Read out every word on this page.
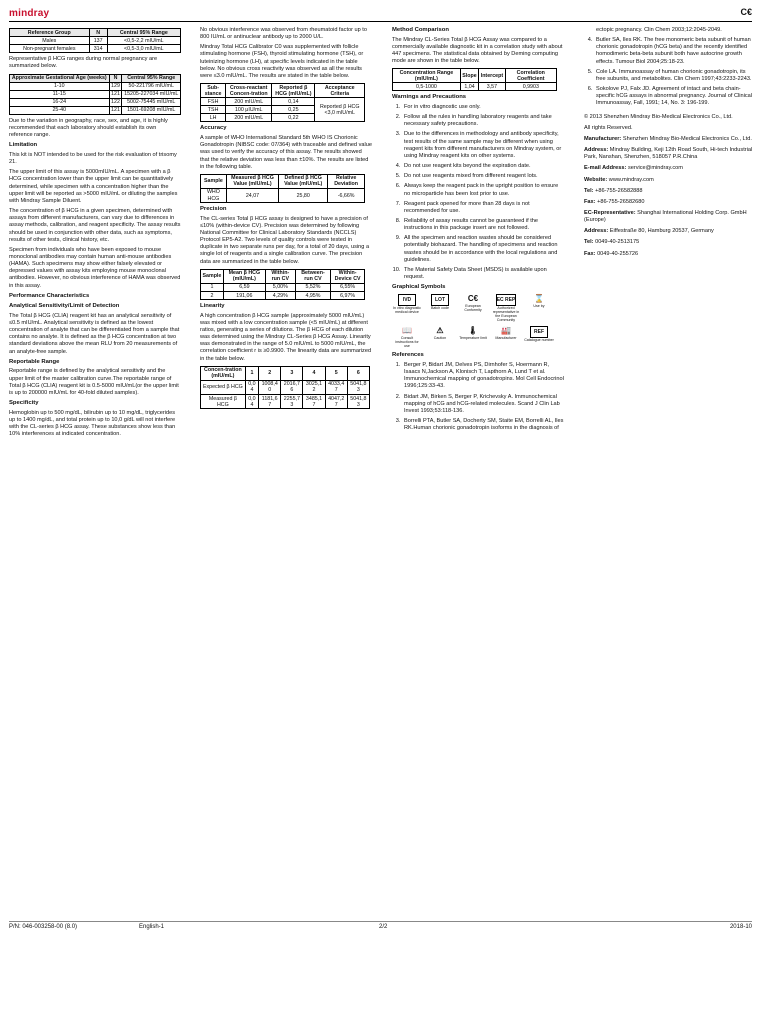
mindray	C€
Reference Group	N	Central 95% Range
Males	137	<0,5-2,2 mIU/mL
Non-pregnant females	314	<0,5-3,0 mIU/mL

Representative β HCG ranges during normal pregnancy are summarized below.

Approximate Gestational Age (weeks)	N	Central 95% Range
1-10	129	50-221796 mIU/mL
11-15	121	15205-227034 mIU/mL
16-24	122	5002-75445 mIU/mL
25-40	121	1501-69208 mIU/mL

Due to the variation in geography, race, sex, and age, it is highly recommended that each laboratory should establish its own reference range.

Limitation

This kit is NOT intended to be used for the risk evaluation of trisomy 21.

The upper limit of this assay is 5000mIU/mL. A specimen with a β HCG concentration lower than the upper limit can be quantitatively determined, while specimen with a concentration higher than the upper limit will be reported as >5000 mIU/mL or diluting the samples with Mindray Sample Diluent.

The concentration of β HCG in a given specimen, determined with assays from different manufacturers, can vary due to differences in assay methods, calibration, and reagent specificity. The assay results should be used in conjunction with other data, such as symptoms, results of other tests, clinical history, etc.

Specimen from individuals who have been exposed to mouse monoclonal antibodies may contain human anti-mouse antibodies (HAMA). Such specimens may show either falsely elevated or depressed values with assay kits employing mouse monoclonal antibodies. However, no obvious interference of HAMA was observed in this assay.

Performance Characteristics
Analytical Sensitivity/Limit of Detection

The Total β HCG (CLIA) reagent kit has an analytical sensitivity of ≤0.5 mIU/mL. Analytical sensitivity is defined as the lowest concentration of analyte that can be differentiated from a sample that contains no analyte. It is defined as the β HCG concentration at two standard deviations above the mean RLU from 20 measurements of an analyte-free sample.

Reportable Range

Reportable range is defined by the analytical sensitivity and the upper limit of the master calibration curve.The reportable range of Total β HCG (CLIA) reagent kit is 0.5-5000 mIU/mL(or the upper limit is up to 200000 mIU/mL for 40-fold diluted samples).

Specificity

Hemoglobin up to 500 mg/dL, bilirubin up to 10 mg/dL, triglycerides up to 1400 mg/dL, and total protein up to 10,0 g/dL will not interfere with the CL-series β HCG assay. These substances show less than 10% interferences at indicated concentration.

No obvious interference was observed from rheumatoid factor up to 800 IU/mL or antinuclear antibody up to 2000 U/L.

Mindray Total HCG Calibrator C0 was supplemented with follicle stimulating hormone (FSH), thyroid stimulating hormone (TSH), or luteinizing hormone (LH), at specific levels indicated in the table below. No obvious cross reactivity was observed as all the results were ≤3.0 mIU/mL. The results are stated in the table below.

Sub-stance	Cross-reactant Concen-tration	Reported β HCG (mIU/mL)	Acceptance Criteria
FSH	200 mIU/mL	0,14	Reported β HCG <3,0 mIU/mL
TSH	100 μIU/mL	0,25	
LH	200 mIU/mL	0,22	
Accuracy

A sample of WHO International Standard 5th WHO IS Chorionic Gonadotropin (NIBSC code: 07/364) with traceable and defined value was used to verify the accuracy of this assay. The results showed that the relative deviation was less than ±10%. The results are listed in the following table.

Sample	Measured β HCG Value (mIU/mL)	Defined β HCG Value (mIU/mL)	Relative Deviation
WHO HCG	24,07	25,80	-6,66%
Precision

The CL-series Total β HCG assay is designed to have a precision of ≤10% (within-device CV). Precision was determined by following National Committee for Clinical Laboratory Standards (NCCLS) Protocol EP5-A2. Two levels of quality controls were tested in duplicate in two separate runs per day, for a total of 20 days, using a single lot of reagents and a single calibration curve. The precision data are summarized in the table below.

Sample	Mean β HCG (mIU/mL)	Within-run CV	Between-run CV	Within-Device CV
1	6,59	5,00%	5,52%	6,55%
2	191,06	4,29%	4,95%	6,97%
Linearity

A high concentration β HCG sample (approximately 5000 mIU/mL) was mixed with a low concentration sample (<5 mIU/mL) at different ratios, generating a series of dilutions. The β HCG of each dilution was determined using the Mindray CL-Series β HCG Assay. Linearity was demonstrated in the range of 5.0 mIU/mL to 5000 mIU/mL, the correlation coefficient r is ≥0.9900. The linearity data are summarized in the table below.

Concen-tration (mIU/mL)	1	2	3	4	5	6
Expected β HCG	0,0 4	1008,4 0	2016,7 6	3025,1 2	4033,4 7	5041,8 3
Measured β HCG	0,0 4	1181,6 7	2255,7 3	3485,1 7	4047,2 7	5041,8 3
Method Comparison

The Mindray CL-Series Total β HCG Assay was compared to a commercially available diagnostic kit in a correlation study with about 447 specimens. The statistical data obtained by Deming computing mode are shown in the table below.

Concentration Range (mIU/mL)	Slope	Intercept	Correlation Coefficient
0,5-1000	1,04	3,57	0,9903
Warnings and Precautions
1. For in vitro diagnostic use only.
2. Follow all the rules in handling laboratory reagents and take necessary safety precautions.
3. Due to the differences in methodology and antibody specificity, test results of the same sample may be different when using reagent kits from different manufacturers on Mindray system, or using Mindray reagent kits on other systems.
4. Do not use reagent kits beyond the expiration date.
5. Do not use reagents mixed from different reagent lots.
6. Always keep the reagent pack in the upright position to ensure no microparticle has been lost prior to use.
7. Reagent pack opened for more than 28 days is not recommended for use.
8. Reliability of assay results cannot be guaranteed if the instructions in this package insert are not followed.
9. All the specimen and reaction wastes should be considered potentially biohazard. The handling of specimens and reaction wastes should be in accordance with the local regulations and guidelines.
10. The Material Safety Data Sheet (MSDS) is available upon request.
Graphical Symbols
IVD
In vitro diagnostic medical device
LOT
Batch code
C€
European Conformity
EC REP
Authorized representative in the European Community
⌛
Use by
📖
Consult instructions for use
⚠
Caution
🌡
Temperature limit
🏭
Manufacturer
REF
Catalogue number
References
1. Berger P, Bidart JM, Delves PS, Dirnhofer S, Hoermann R, Isaacs N,Jackson A, Klonisch T, Lapthorn A, Lund T et al. Immunochemical mapping of gonadotropins. Mol Cell Endocrinol 1996;125:33-43.
2. Bidart JM, Birken S, Berger P, Krichevsky A. Immunochemical mapping of hCG and hCG-related molecules. Scand J Clin Lab Invest 1993;53:118-136.
3. Borrelli PTA, Butler SA, Docherty SM, Staite EM, Borrelli AL, Iles RK.Human chorionic gonadotropin isoforms in the diagnosis of

ectopic pregnancy. Clin Chem 2003;12:2045-2049.

4. Butler SA, Iles RK. The free monomeric beta subunit of human chorionic gonadotropin (hCG beta) and the recently identified homodimeric beta-beta subunit both have autocrine growth effects. Tumour Biol 2004;25:18-23.
5. Cole LA. Immunoassay of human chorionic gonadotropin, its free subunits, and metabolites. Clin Chem 1997;43:2233-2243.
6. Sokolove PJ, Falx JD. Agreement of intact and beta chain-specific hCG assays in abnormal pregnancy. Journal of Clinical Immunoassay, Fall, 1991; 14, No. 3: 196-199.

© 2013 Shenzhen Mindray Bio-Medical Electronics Co., Ltd.

All rights Reserved.

Manufacturer: Shenzhen Mindray Bio-Medical Electronics Co., Ltd.

Address: Mindray Building, Keji 12th Road South, Hi-tech Industrial Park, Nanshan, Shenzhen, 518057 P.R.China

E-mail Address: service@mindray.com

Website: www.mindray.com

Tel: +86-755-26582888

Fax: +86-755-26582680

EC-Representative: Shanghai International Holding Corp. GmbH (Europe)

Address: Eiffestraße 80, Hamburg 20537, Germany

Tel: 0049-40-2513175

Fax: 0049-40-255726

P/N: 046-003258-00 (8.0)	English-1	2/2	2018-10
